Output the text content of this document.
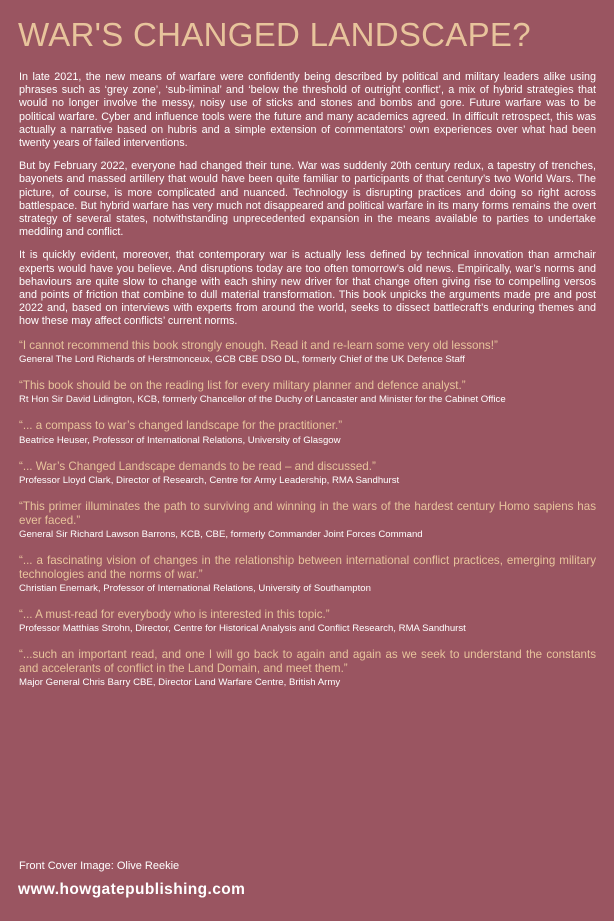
WAR'S CHANGED LANDSCAPE?

In late 2021, the new means of warfare were confidently being described by political and military leaders alike using phrases such as ‘grey zone’, ‘sub-liminal’ and ‘below the threshold of outright conflict’, a mix of hybrid strategies that would no longer involve the messy, noisy use of sticks and stones and bombs and gore. Future warfare was to be political warfare. Cyber and influence tools were the future and many academics agreed. In difficult retrospect, this was actually a narrative based on hubris and a simple extension of commentators’ own experiences over what had been twenty years of failed interventions.

But by February 2022, everyone had changed their tune. War was suddenly 20th century redux, a tapestry of trenches, bayonets and massed artillery that would have been quite familiar to participants of that century’s two World Wars. The picture, of course, is more complicated and nuanced. Technology is disrupting practices and doing so right across battlespace. But hybrid warfare has very much not disappeared and political warfare in its many forms remains the overt strategy of several states, notwithstanding unprecedented expansion in the means available to parties to undertake meddling and conflict.

It is quickly evident, moreover, that contemporary war is actually less defined by technical innovation than armchair experts would have you believe. And disruptions today are too often tomorrow’s old news. Empirically, war’s norms and behaviours are quite slow to change with each shiny new driver for that change often giving rise to compelling versos and points of friction that combine to dull material transformation. This book unpicks the arguments made pre and post 2022 and, based on interviews with experts from around the world, seeks to dissect battlecraft’s enduring themes and how these may affect conflicts’ current norms.

“I cannot recommend this book strongly enough. Read it and re-learn some very old lessons!”

General The Lord Richards of Herstmonceux, GCB CBE DSO DL, formerly Chief of the UK Defence Staff

“This book should be on the reading list for every military planner and defence analyst.”

Rt Hon Sir David Lidington, KCB, formerly Chancellor of the Duchy of Lancaster and Minister for the Cabinet Office

“... a compass to war’s changed landscape for the practitioner.”

Beatrice Heuser, Professor of International Relations, University of Glasgow

“... War’s Changed Landscape demands to be read – and discussed.”

Professor Lloyd Clark, Director of Research, Centre for Army Leadership, RMA Sandhurst

“This primer illuminates the path to surviving and winning in the wars of the hardest century Homo sapiens has ever faced.”

General Sir Richard Lawson Barrons, KCB, CBE, formerly Commander Joint Forces Command

“... a fascinating vision of changes in the relationship between international conflict practices, emerging military technologies and the norms of war.”

Christian Enemark, Professor of International Relations, University of Southampton

“... A must-read for everybody who is interested in this topic.”

Professor Matthias Strohn, Director, Centre for Historical Analysis and Conflict Research, RMA Sandhurst

“...such an important read, and one I will go back to again and again as we seek to understand the constants and accelerants of conflict in the Land Domain, and meet them.”

Major General Chris Barry CBE, Director Land Warfare Centre, British Army

Front Cover Image: Olive Reekie
www.howgatepublishing.com
